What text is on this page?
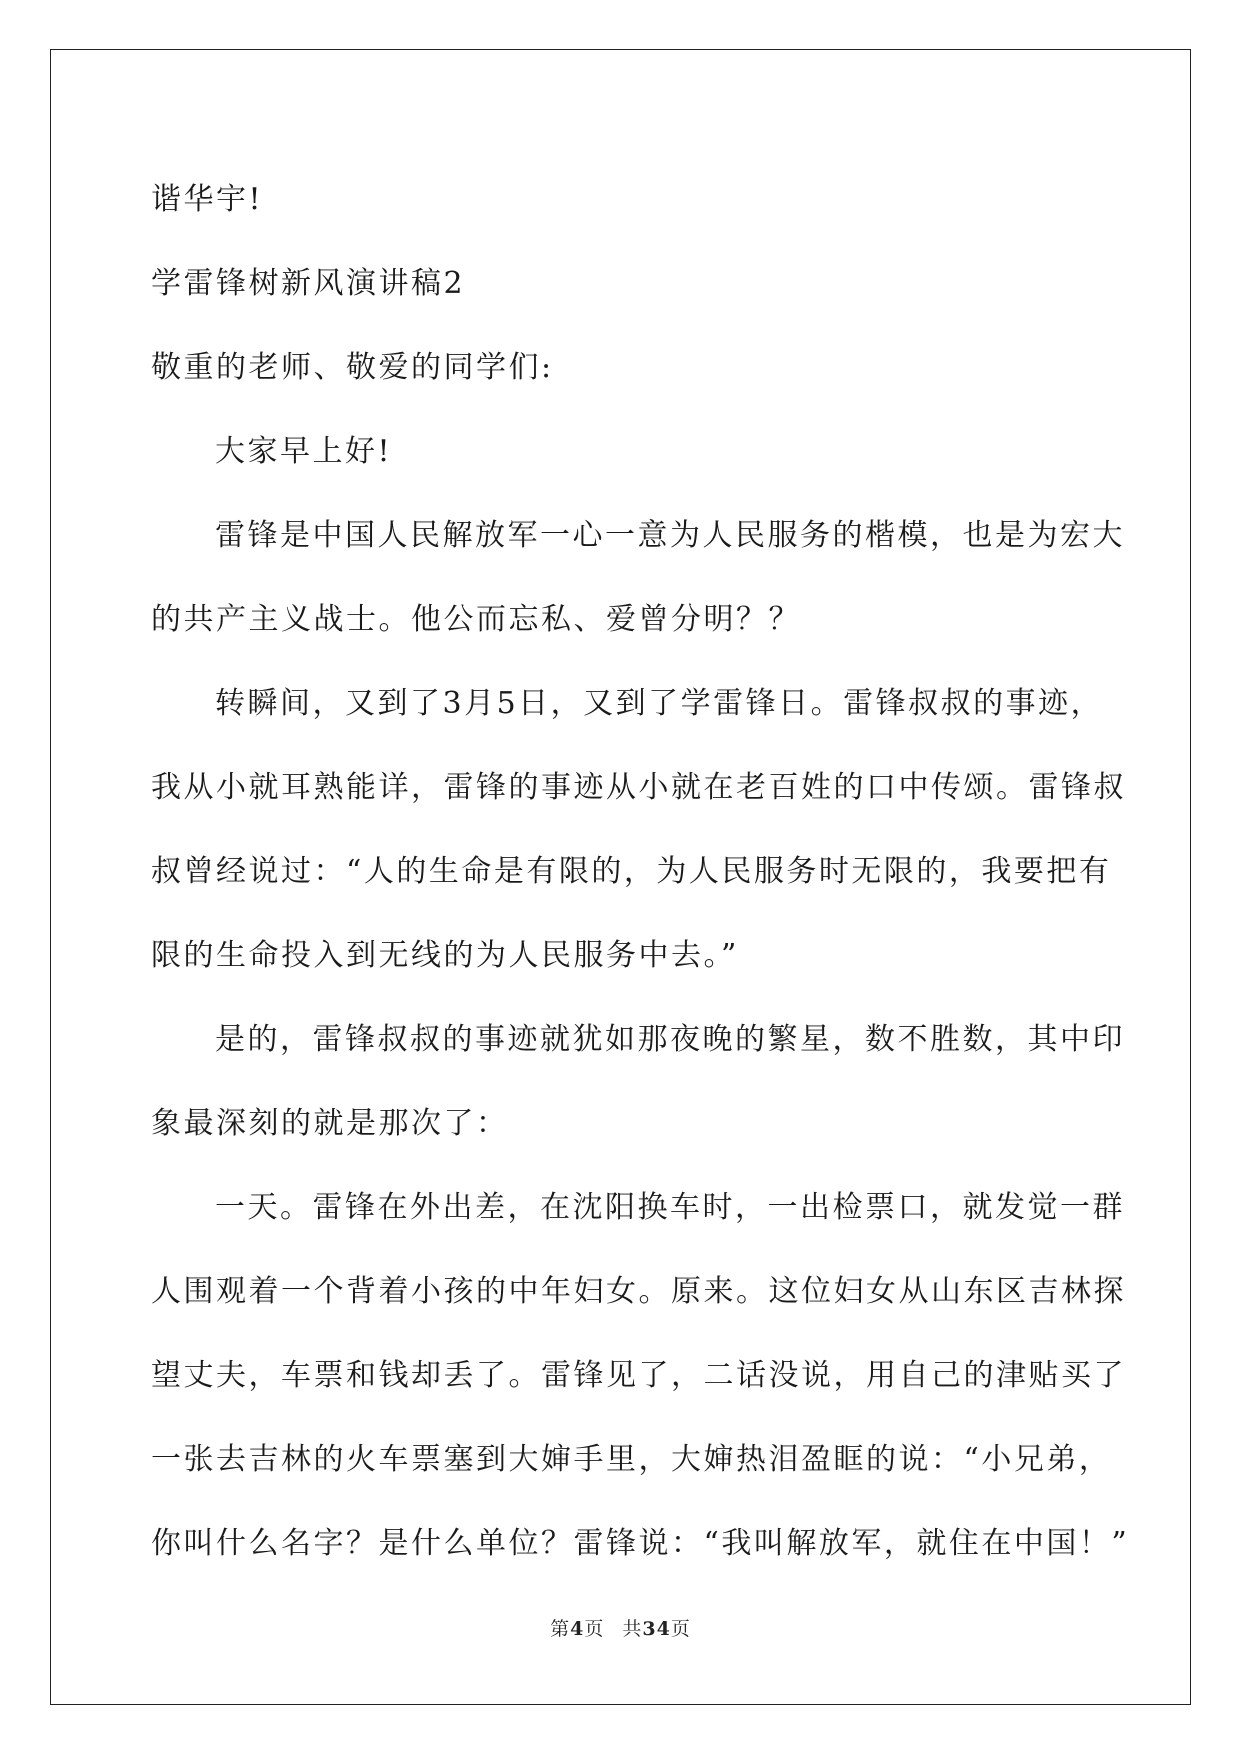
谐华宇!

学雷锋树新风演讲稿2

敬重的老师、敬爱的同学们:

大家早上好!

雷锋是中国人民解放军一心一意为人民服务的楷模，也是为宏大

的共产主义战士。他公而忘私、爱曾分明？？

转瞬间，又到了3月5日，又到了学雷锋日。雷锋叔叔的事迹，

我从小就耳熟能详，雷锋的事迹从小就在老百姓的口中传颂。雷锋叔

叔曾经说过：“人的生命是有限的，为人民服务时无限的，我要把有

限的生命投入到无线的为人民服务中去。”

是的，雷锋叔叔的事迹就犹如那夜晚的繁星，数不胜数，其中印

象最深刻的就是那次了：

一天。雷锋在外出差，在沈阳换车时，一出检票口，就发觉一群

人围观着一个背着小孩的中年妇女。原来。这位妇女从山东区吉林探

望丈夫，车票和钱却丢了。雷锋见了，二话没说，用自己的津贴买了

一张去吉林的火车票塞到大婶手里，大婶热泪盈眶的说：“小兄弟，

你叫什么名字？是什么单位？雷锋说：“我叫解放军，就住在中国！”

第4页 共34页
